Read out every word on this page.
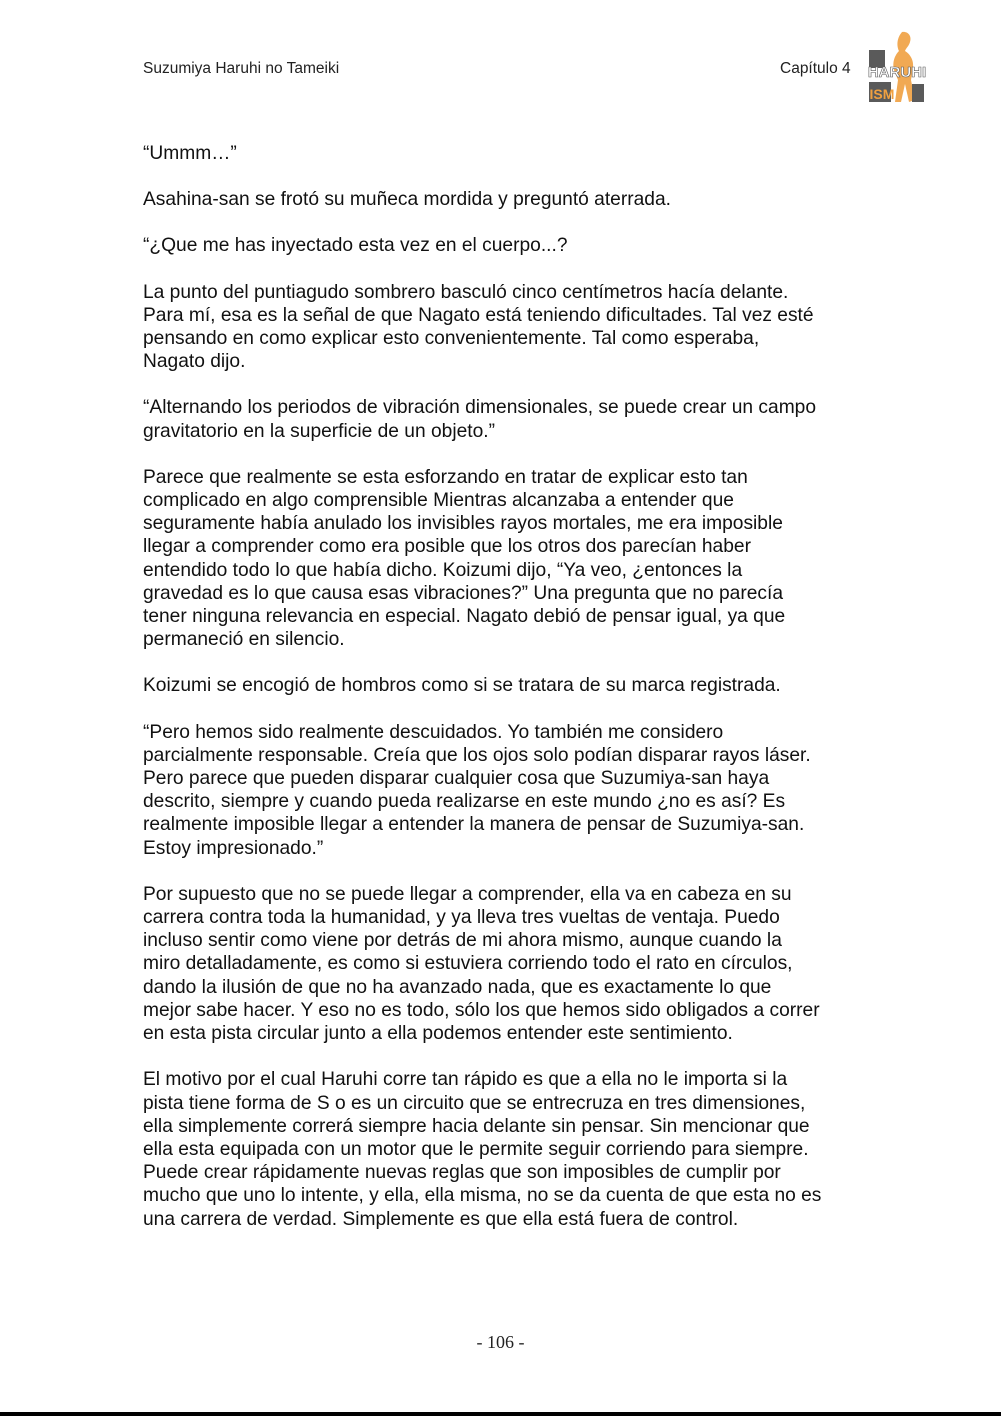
Suzumiya Haruhi no Tameiki	Capítulo 4 HARUHI
ISM

“Ummm…”

Asahina-san se frotó su muñeca mordida y preguntó aterrada.

“¿Que me has inyectado esta vez en el cuerpo...?

La punto del puntiagudo sombrero basculó cinco centímetros hacía delante.
Para mí, esa es la señal de que Nagato está teniendo dificultades. Tal vez esté
pensando en como explicar esto convenientemente. Tal como esperaba,
Nagato dijo.

“Alternando los periodos de vibración dimensionales, se puede crear un campo
gravitatorio en la superficie de un objeto.”

Parece que realmente se esta esforzando en tratar de explicar esto tan
complicado en algo comprensible Mientras alcanzaba a entender que
seguramente había anulado los invisibles rayos mortales, me era imposible
llegar a comprender como era posible que los otros dos parecían haber
entendido todo lo que había dicho. Koizumi dijo, “Ya veo, ¿entonces la
gravedad es lo que causa esas vibraciones?” Una pregunta que no parecía
tener ninguna relevancia en especial. Nagato debió de pensar igual, ya que
permaneció en silencio.

Koizumi se encogió de hombros como si se tratara de su marca registrada.

“Pero hemos sido realmente descuidados. Yo también me considero
parcialmente responsable. Creía que los ojos solo podían disparar rayos láser.
Pero parece que pueden disparar cualquier cosa que Suzumiya-san haya
descrito, siempre y cuando pueda realizarse en este mundo ¿no es así? Es
realmente imposible llegar a entender la manera de pensar de Suzumiya-san.
Estoy impresionado.”

Por supuesto que no se puede llegar a comprender, ella va en cabeza en su
carrera contra toda la humanidad, y ya lleva tres vueltas de ventaja. Puedo
incluso sentir como viene por detrás de mi ahora mismo, aunque cuando la
miro detalladamente, es como si estuviera corriendo todo el rato en círculos,
dando la ilusión de que no ha avanzado nada, que es exactamente lo que
mejor sabe hacer. Y eso no es todo, sólo los que hemos sido obligados a correr
en esta pista circular junto a ella podemos entender este sentimiento.

El motivo por el cual Haruhi corre tan rápido es que a ella no le importa si la
pista tiene forma de S o es un circuito que se entrecruza en tres dimensiones,
ella simplemente correrá siempre hacia delante sin pensar. Sin mencionar que
ella esta equipada con un motor que le permite seguir corriendo para siempre.
Puede crear rápidamente nuevas reglas que son imposibles de cumplir por
mucho que uno lo intente, y ella, ella misma, no se da cuenta de que esta no es
una carrera de verdad. Simplemente es que ella está fuera de control.

- 106 -
